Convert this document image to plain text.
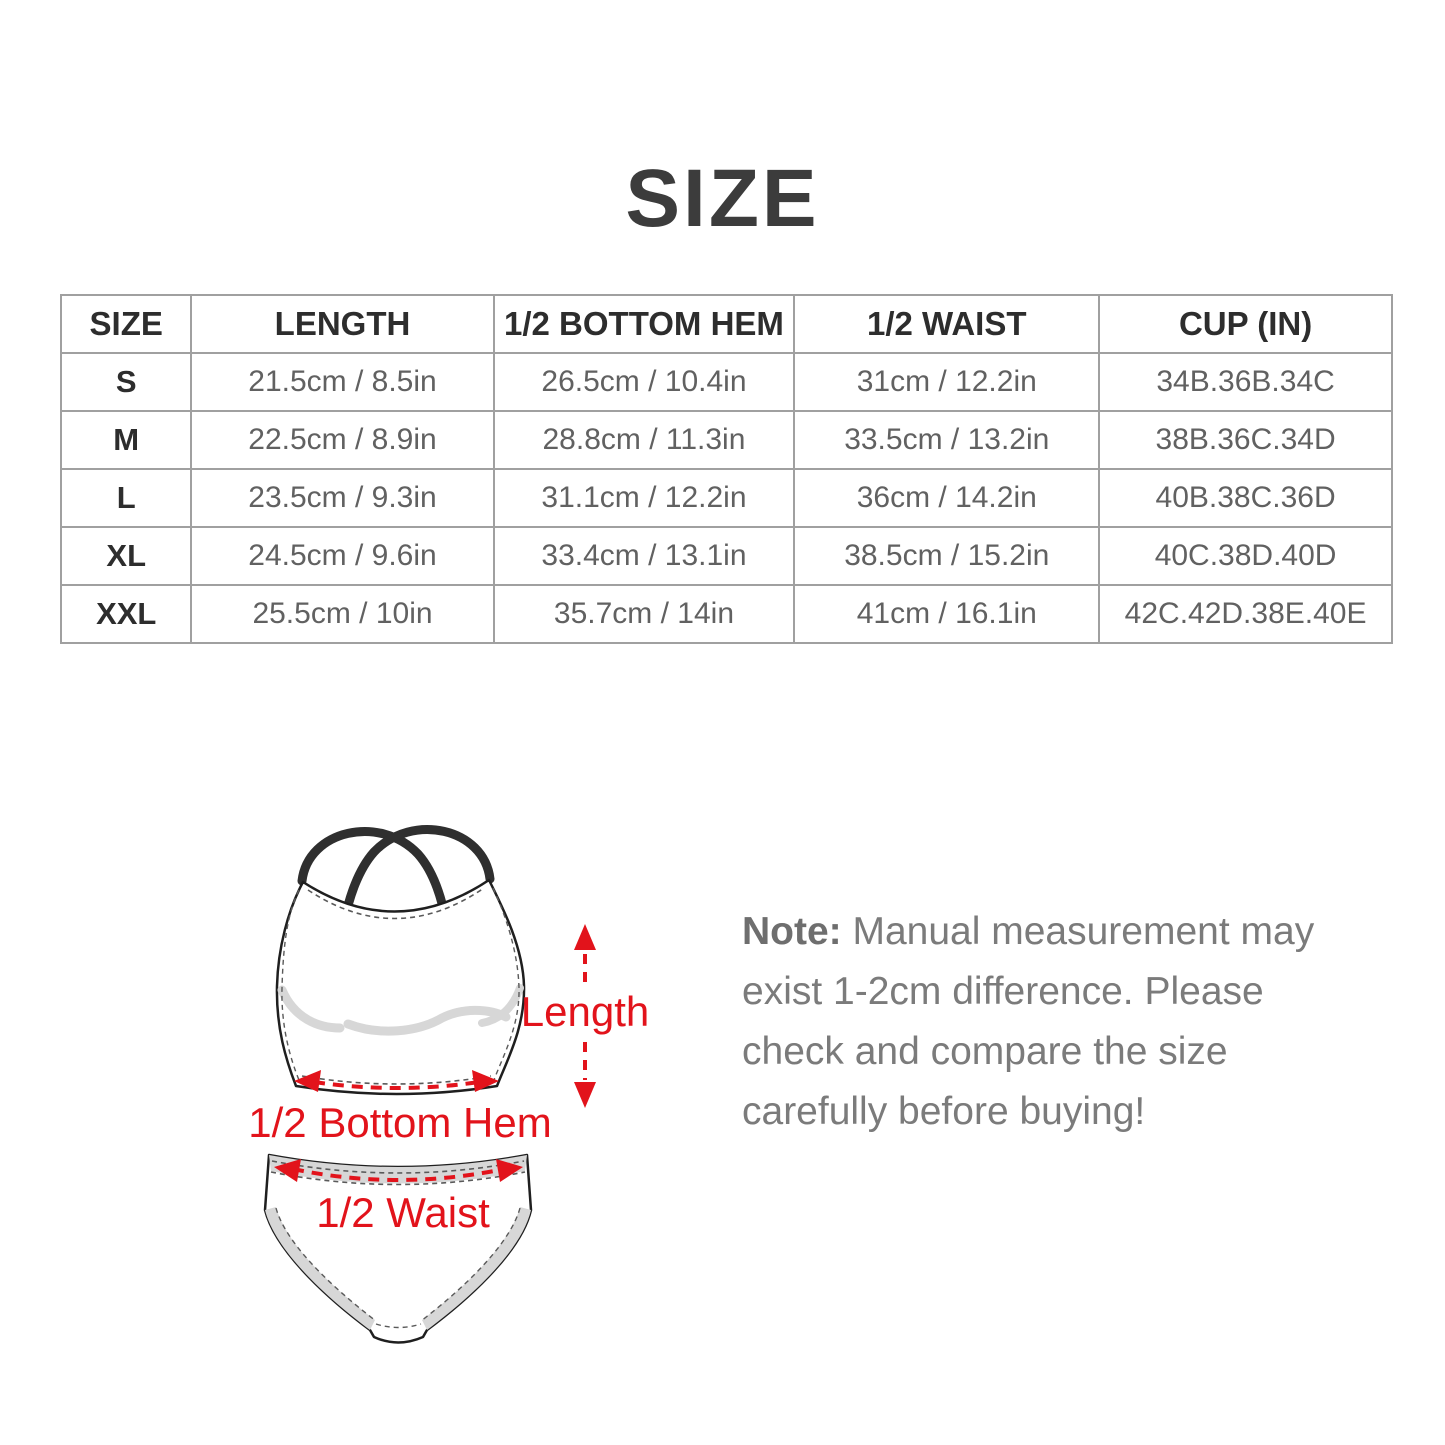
SIZE
SIZE	LENGTH	1/2 BOTTOM HEM	1/2 WAIST	CUP (IN)
S	21.5cm / 8.5in	26.5cm / 10.4in	31cm / 12.2in	34B.36B.34C
M	22.5cm / 8.9in	28.8cm / 11.3in	33.5cm / 13.2in	38B.36C.34D
L	23.5cm / 9.3in	31.1cm / 12.2in	36cm / 14.2in	40B.38C.36D
XL	24.5cm / 9.6in	33.4cm / 13.1in	38.5cm / 15.2in	40C.38D.40D
XXL	25.5cm / 10in	35.7cm / 14in	41cm / 16.1in	42C.42D.38E.40E
1/2 Bottom Hem
Length
1/2 Waist
Note: Manual measurement may
exist 1-2cm difference. Please
check and compare the size
carefully before buying!
